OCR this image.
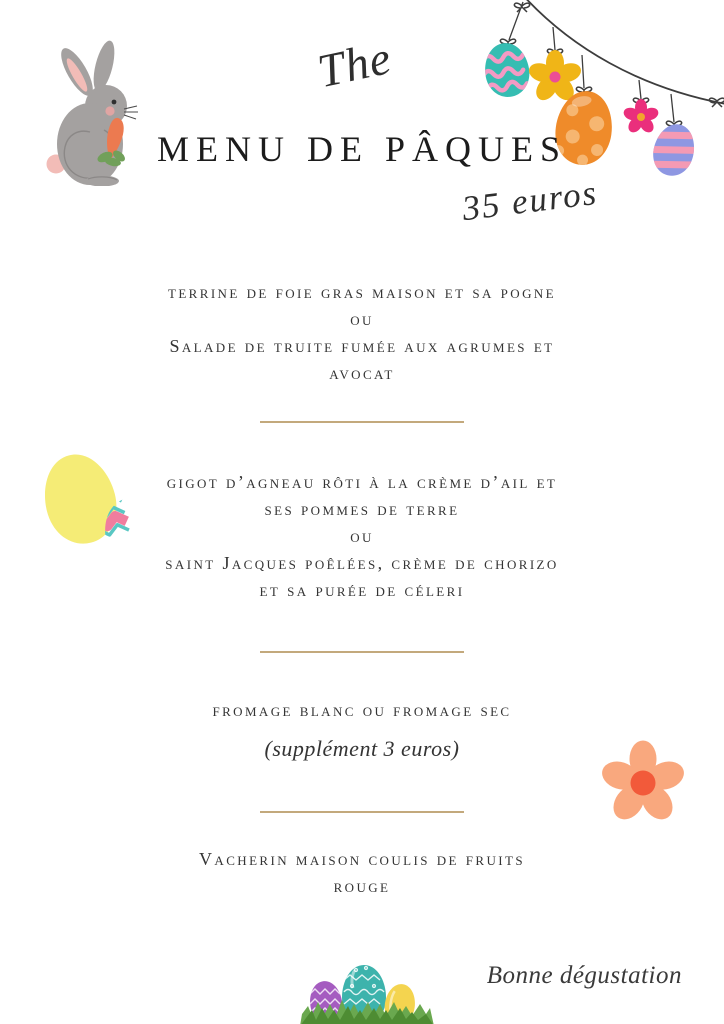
The
MENU DE PÂQUES
35 euros
terrine de foie gras maison et sa pogne
ou
Salade de truite fumée aux agrumes et
avocat
gigot d’agneau rôti à la crème d’ail et
ses pommes de terre
ou
saint Jacques poêlées, crème de chorizo
et sa purée de céleri
fromage blanc ou fromage sec
(supplément 3 euros)
Vacherin maison coulis de fruits
rouge
Bonne dégustation
